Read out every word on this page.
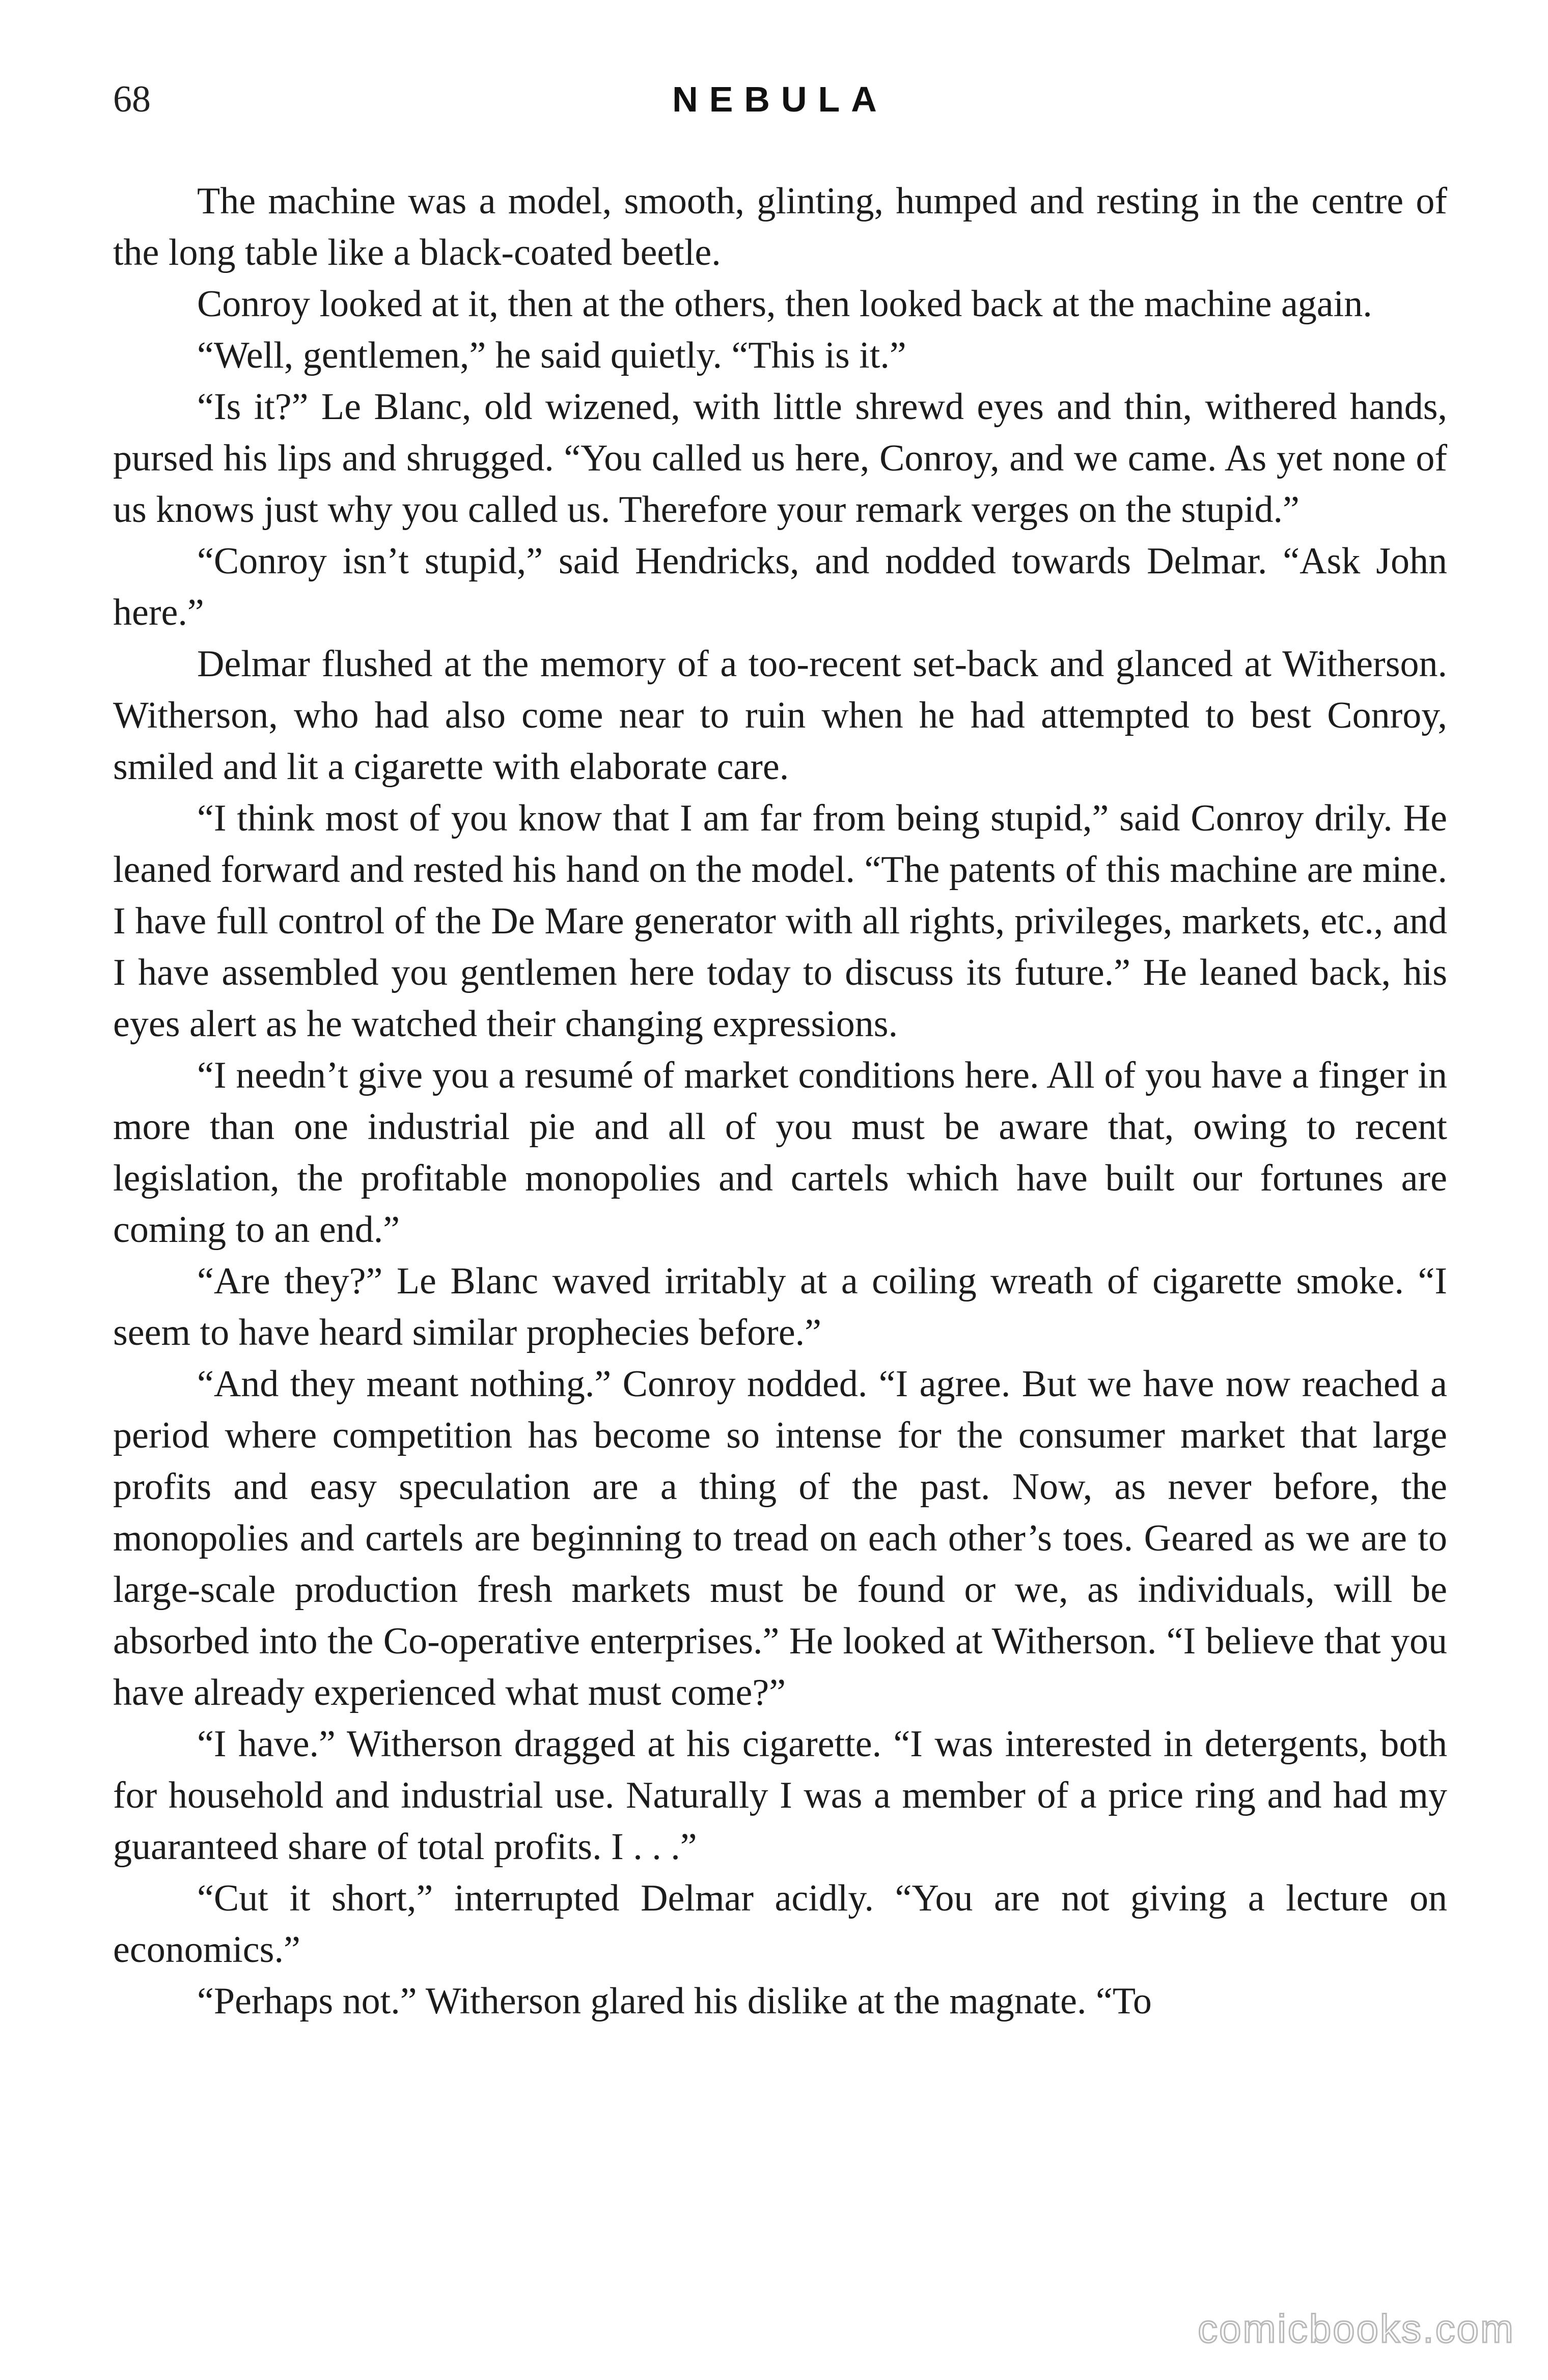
68	NEBULA

The machine was a model, smooth, glinting, humped and resting in the centre of the long table like a black-coated beetle.

Conroy looked at it, then at the others, then looked back at the machine again.

“Well, gentlemen,” he said quietly. “This is it.”

“Is it?” Le Blanc, old wizened, with little shrewd eyes and thin, withered hands, pursed his lips and shrugged. “You called us here, Conroy, and we came. As yet none of us knows just why you called us. Therefore your remark verges on the stupid.”

“Conroy isn’t stupid,” said Hendricks, and nodded towards Delmar. “Ask John here.”

Delmar flushed at the memory of a too-recent set-back and glanced at Witherson. Witherson, who had also come near to ruin when he had attempted to best Conroy, smiled and lit a cigarette with elaborate care.

“I think most of you know that I am far from being stupid,” said Conroy drily. He leaned forward and rested his hand on the model. “The patents of this machine are mine. I have full control of the De Mare generator with all rights, privileges, markets, etc., and I have assembled you gentlemen here today to discuss its future.” He leaned back, his eyes alert as he watched their changing expressions.

“I needn’t give you a resumé of market conditions here. All of you have a finger in more than one industrial pie and all of you must be aware that, owing to recent legislation, the profitable monopolies and cartels which have built our fortunes are coming to an end.”

“Are they?” Le Blanc waved irritably at a coiling wreath of cigarette smoke. “I seem to have heard similar prophecies before.”

“And they meant nothing.” Conroy nodded. “I agree. But we have now reached a period where competition has become so intense for the consumer market that large profits and easy speculation are a thing of the past. Now, as never before, the monopolies and cartels are beginning to tread on each other’s toes. Geared as we are to large-scale production fresh markets must be found or we, as individuals, will be absorbed into the Co-operative enterprises.” He looked at Witherson. “I believe that you have already experienced what must come?”

“I have.” Witherson dragged at his cigarette. “I was interested in detergents, both for household and industrial use. Naturally I was a member of a price ring and had my guaranteed share of total profits. I . . .”

“Cut it short,” interrupted Delmar acidly. “You are not giving a lecture on economics.”

“Perhaps not.” Witherson glared his dislike at the magnate. “To

comicbooks.com
